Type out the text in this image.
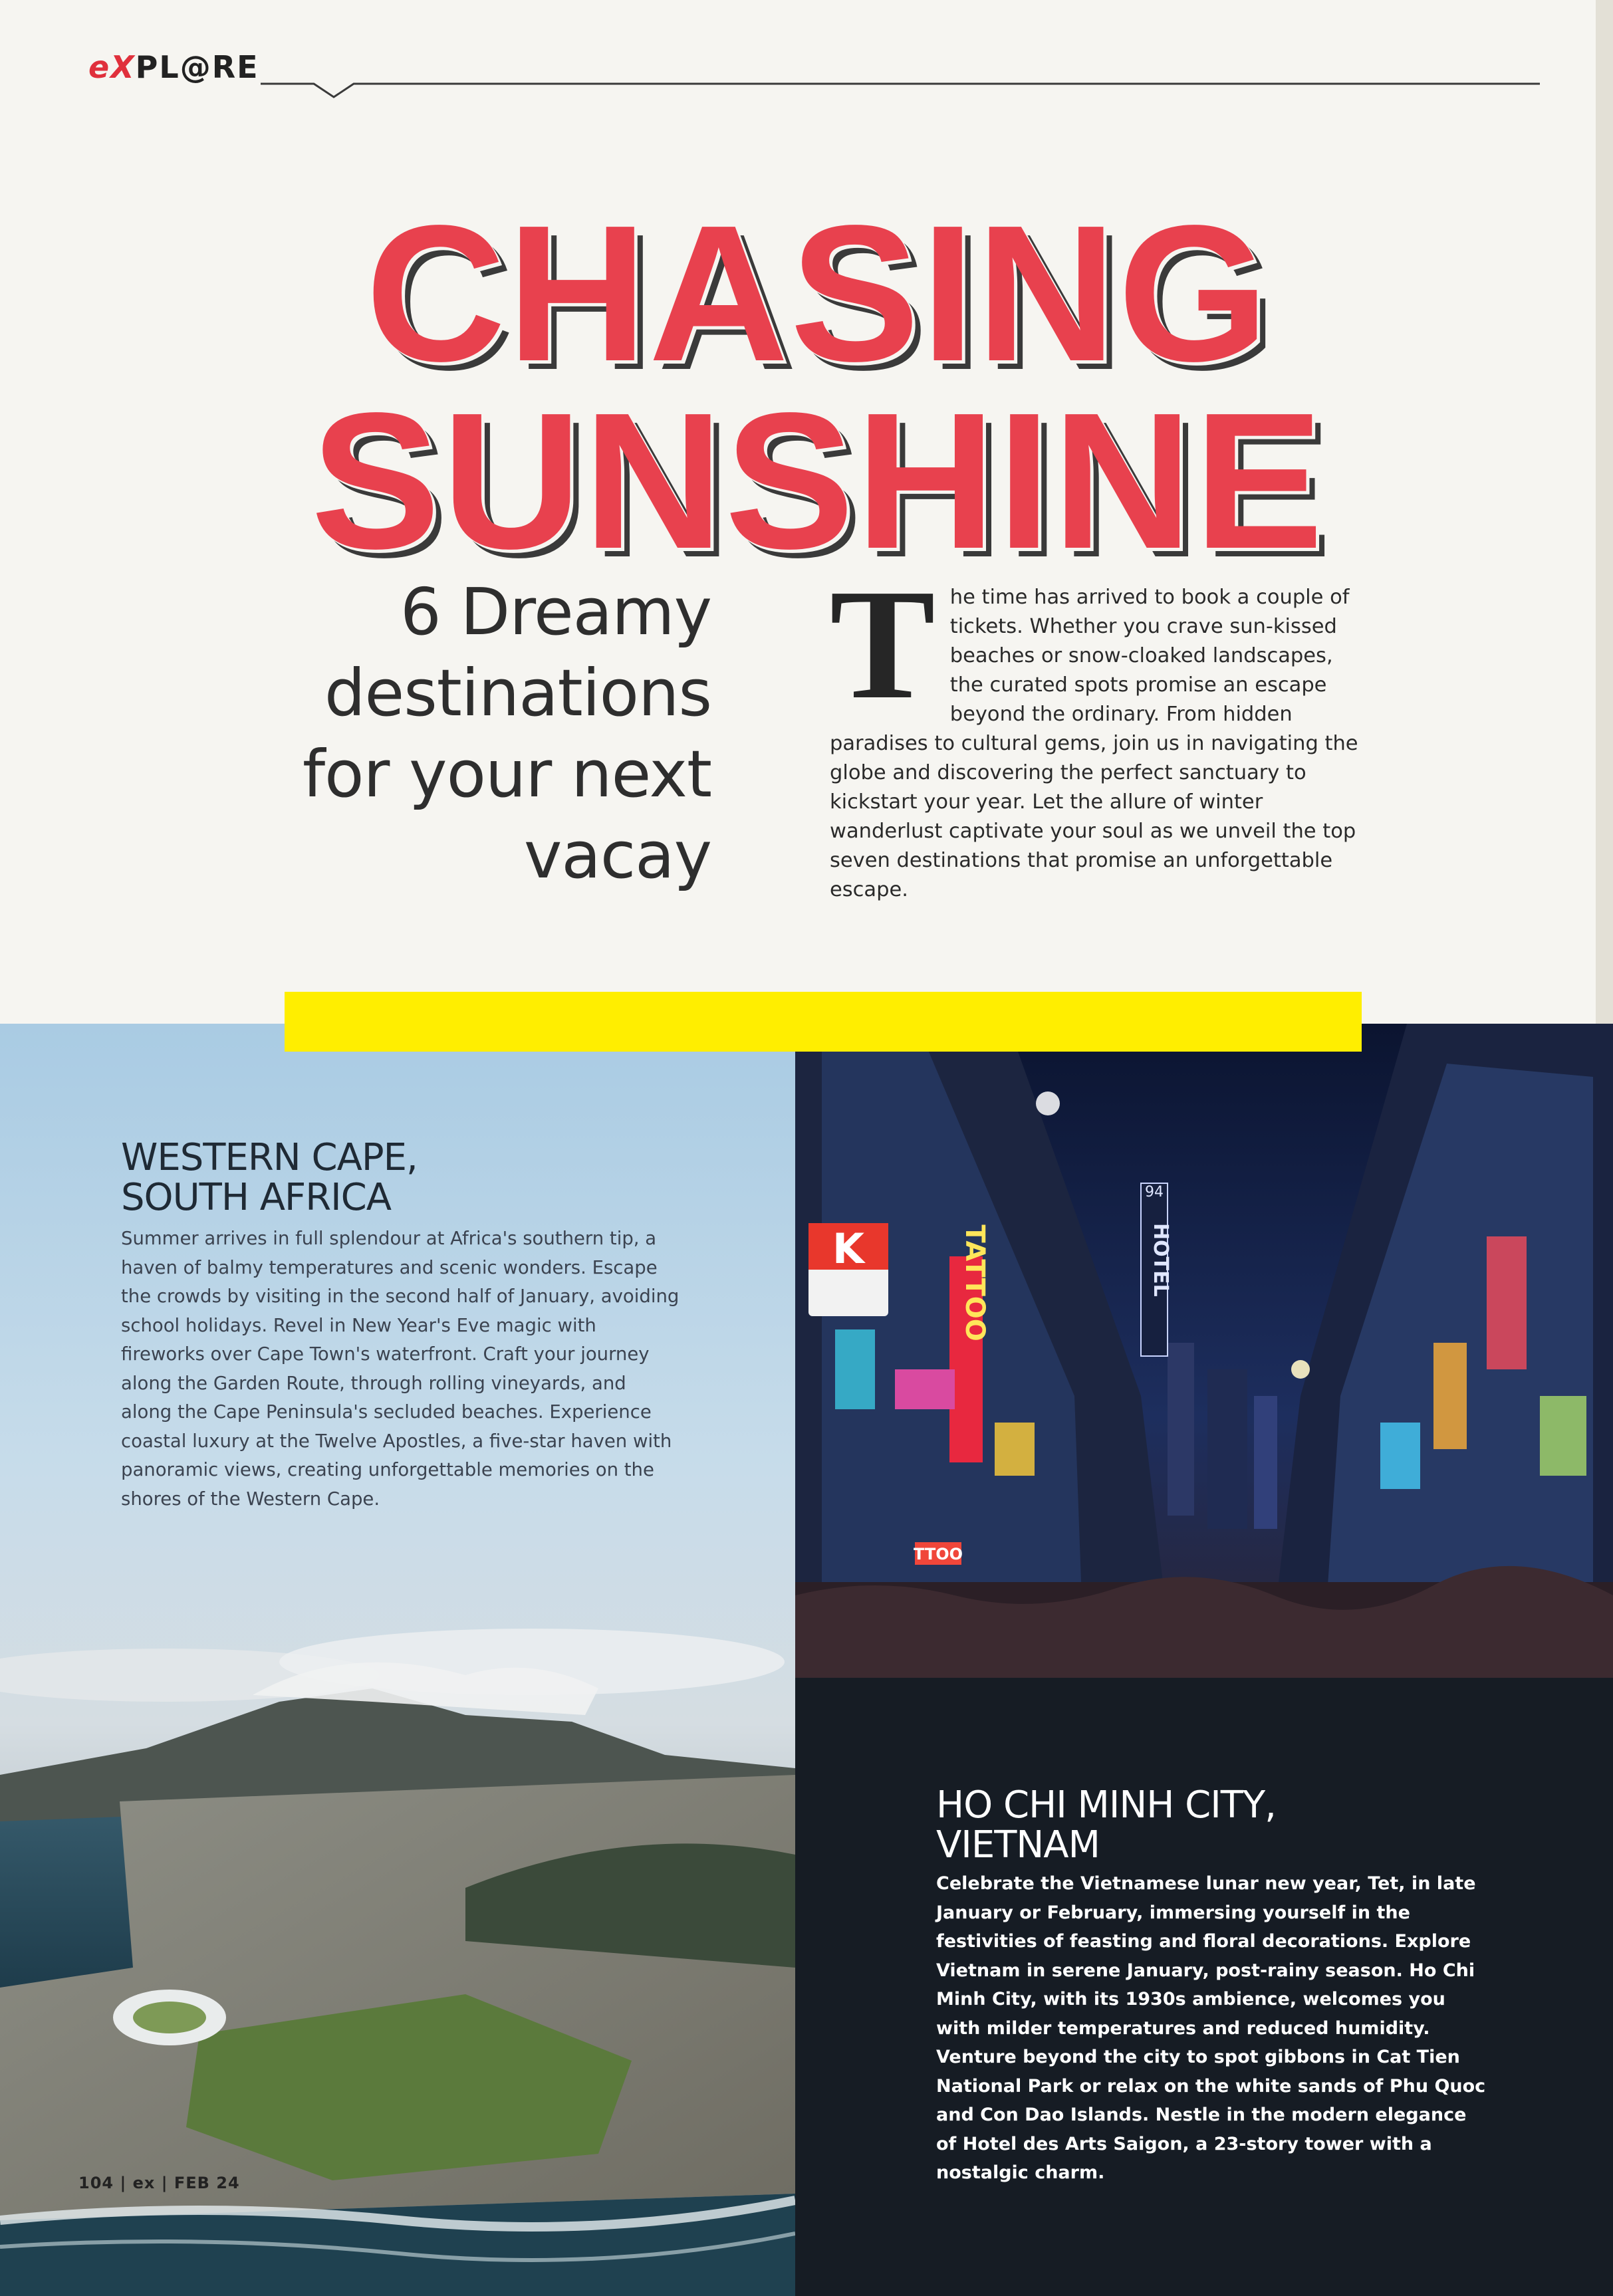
eXPL@RE
CHASING
SUNSHINE
6 Dreamy
destinations
for your next
vacay
T he time has arrived to book a couple of tickets. Whether you crave sun-kissed beaches or snow-cloaked landscapes, the curated spots promise an escape beyond the ordinary. From hidden paradises to cultural gems, join us in navigating the globe and discovering the perfect sanctuary to kickstart your year. Let the allure of winter wanderlust captivate your soul as we unveil the top seven destinations that promise an unforgettable escape.
K	TATTOO
94
HOTEL
TTOO
WESTERN CAPE,
SOUTH AFRICA
Summer arrives in full splendour at Africa's southern tip, a haven of balmy temperatures and scenic wonders. Escape the crowds by visiting in the second half of January, avoiding school holidays. Revel in New Year's Eve magic with fireworks over Cape Town's waterfront. Craft your journey along the Garden Route, through rolling vineyards, and along the Cape Peninsula's secluded beaches. Experience coastal luxury at the Twelve Apostles, a five-star haven with panoramic views, creating unforgettable memories on the shores of the Western Cape.
HO CHI MINH CITY,
VIETNAM
Celebrate the Vietnamese lunar new year, Tet, in late January or February, immersing yourself in the festivities of feasting and floral decorations. Explore Vietnam in serene January, post-rainy season. Ho Chi Minh City, with its 1930s ambience, welcomes you with milder temperatures and reduced humidity. Venture beyond the city to spot gibbons in Cat Tien National Park or relax on the white sands of Phu Quoc and Con Dao Islands. Nestle in the modern elegance of Hotel des Arts Saigon, a 23-story tower with a nostalgic charm.
104 | ex | FEB 24
